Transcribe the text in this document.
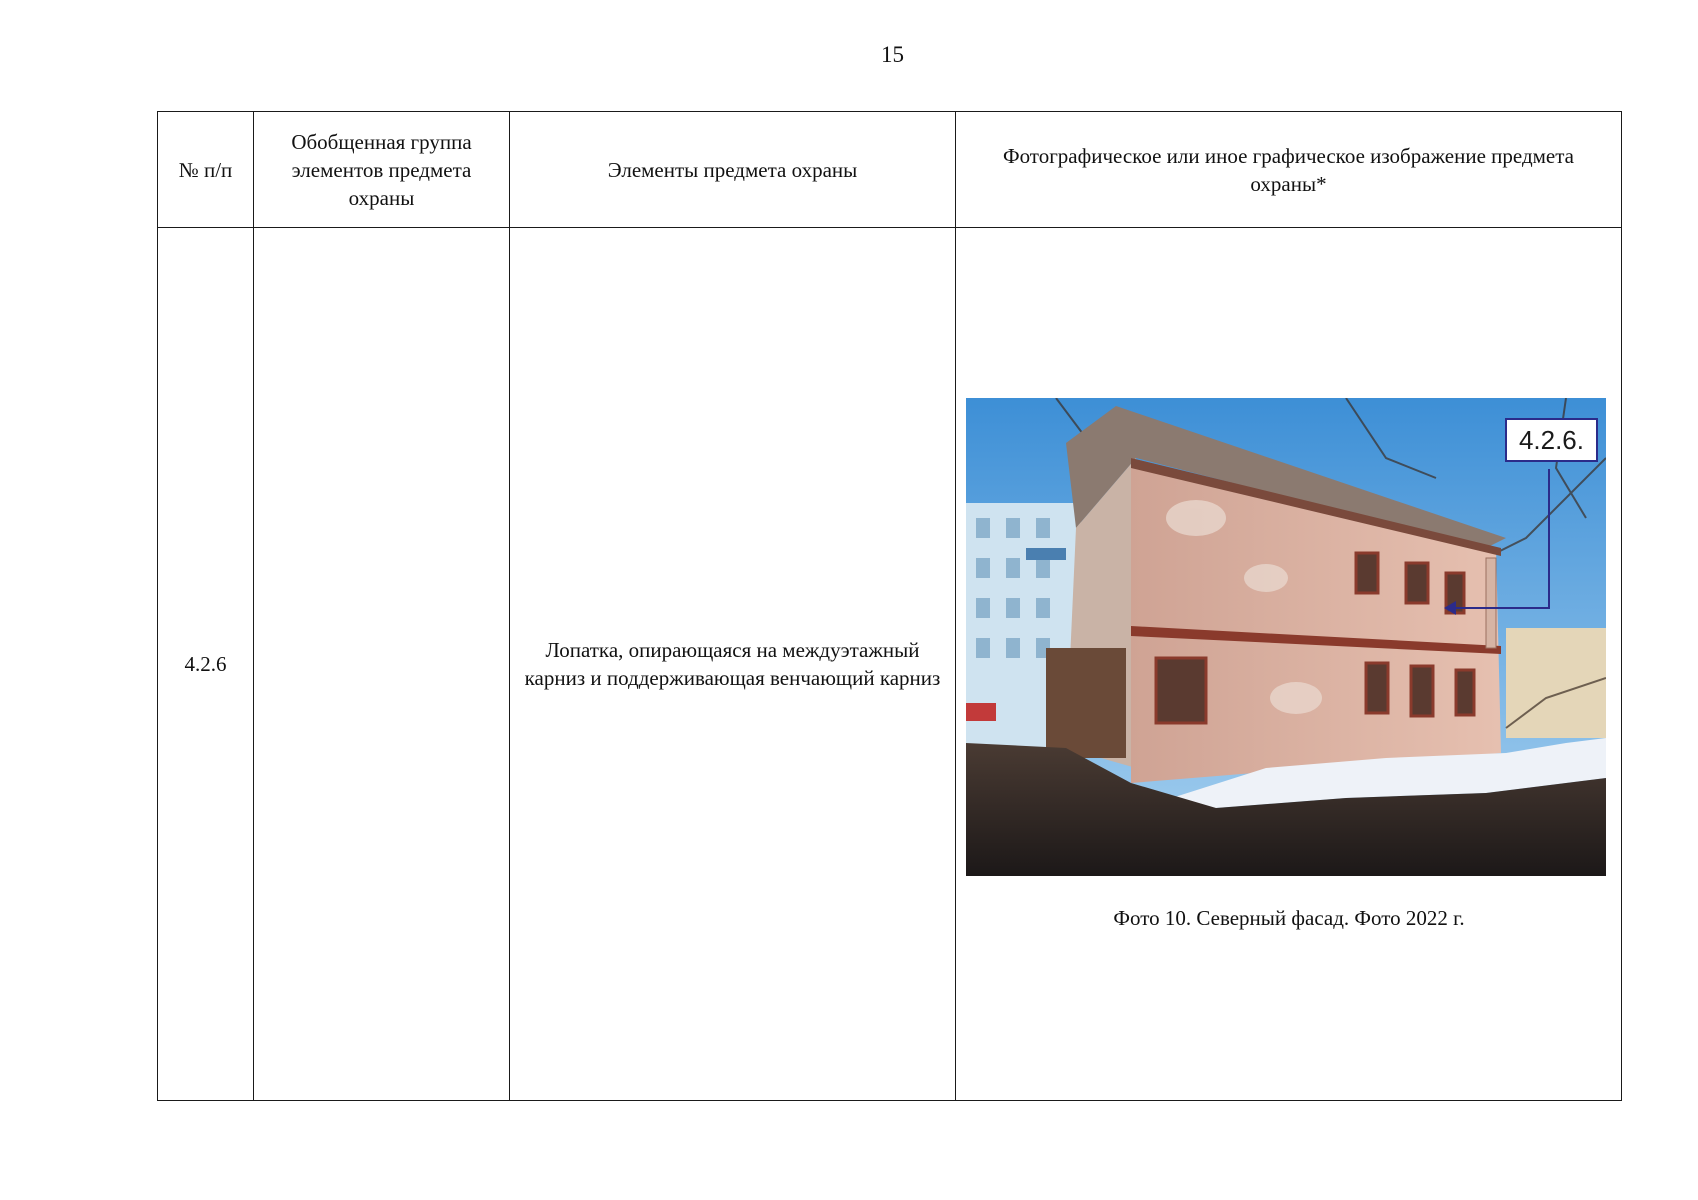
15
№ п/п	Обобщенная группа элементов предмета охраны	Элементы предмета охраны	Фотографическое или иное графическое изображение предмета охраны*
4.2.6		Лопатка, опирающаяся на междуэтажный карниз и поддерживающая венчающий карниз	4.2.6.
Фото 10. Северный фасад. Фото 2022 г.
